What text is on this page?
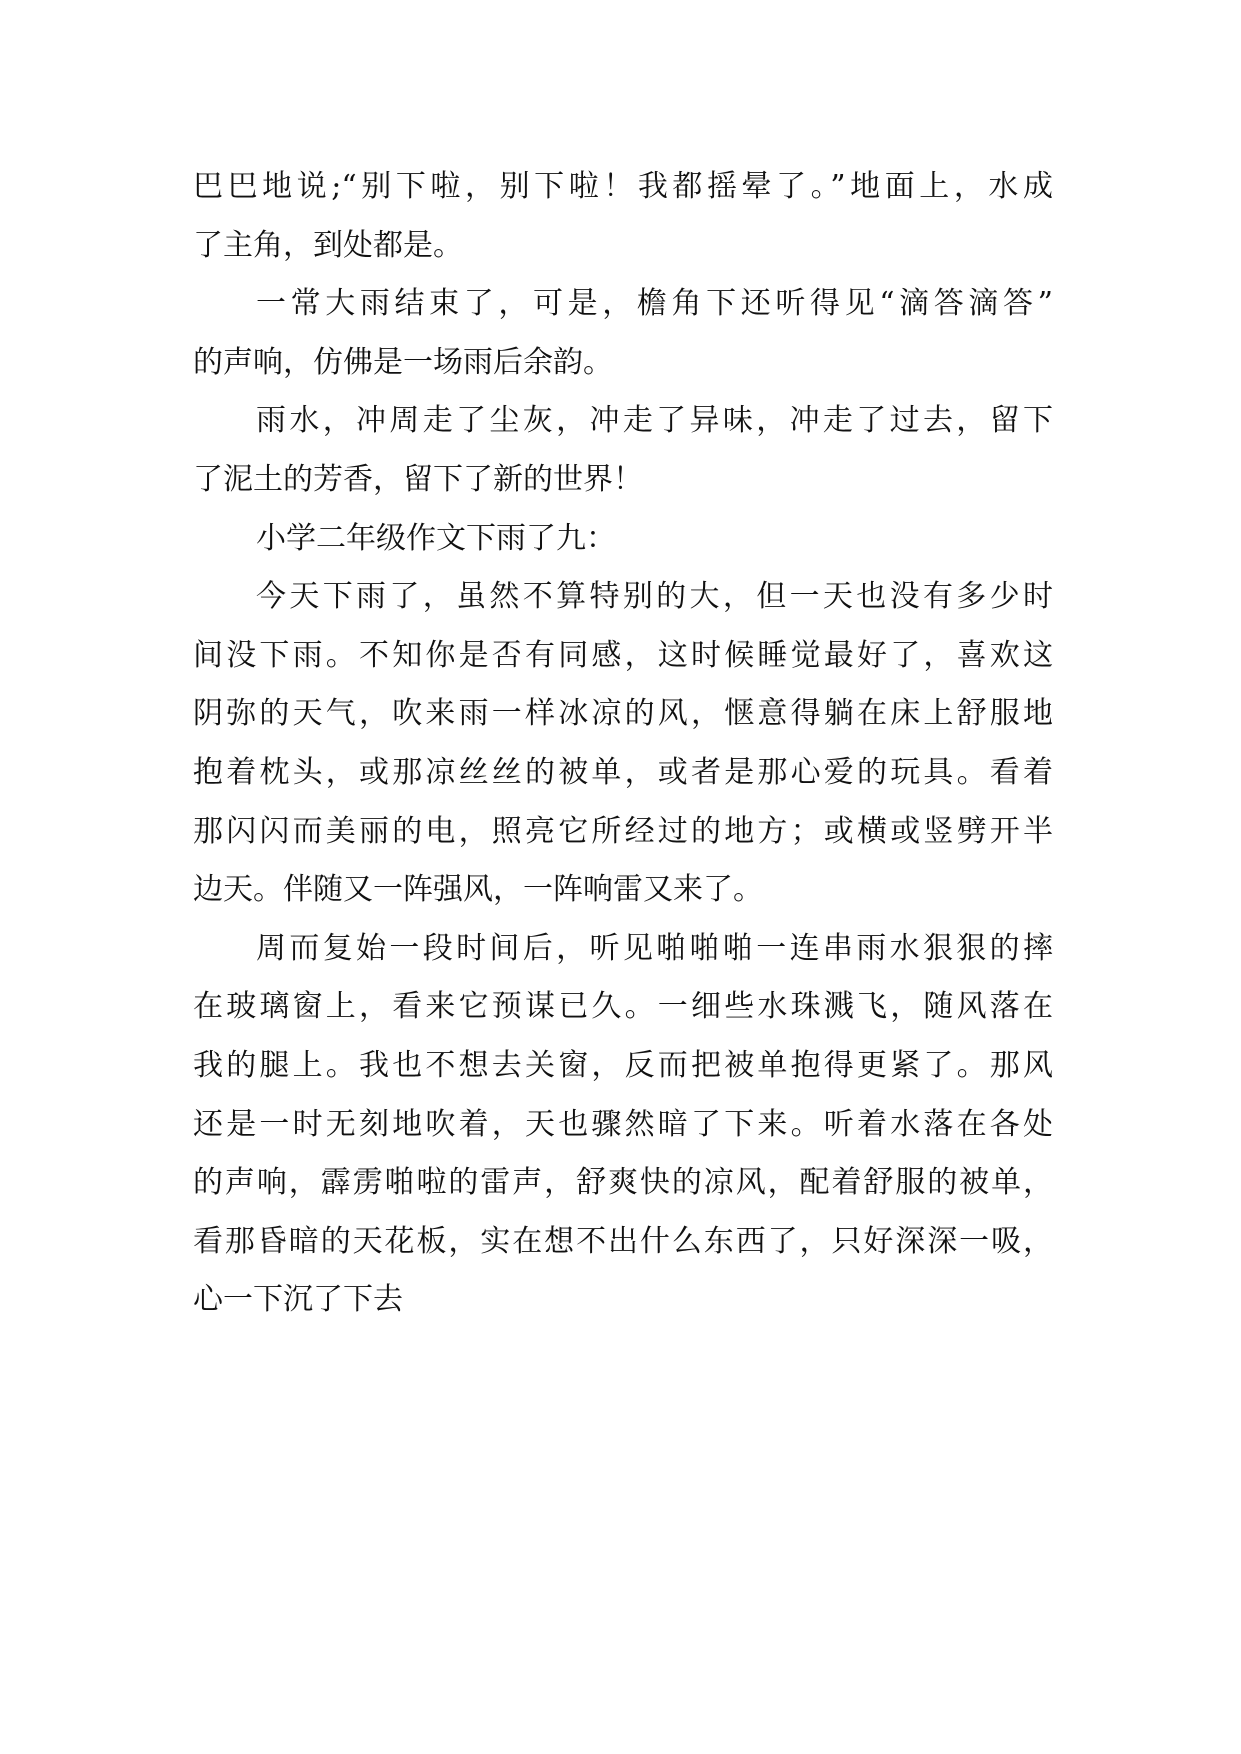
巴巴地说;“别下啦，别下啦！我都摇晕了。”地面上，水成
了主角，到处都是。
一常大雨结束了，可是，檐角下还听得见“滴答滴答”
的声响，仿佛是一场雨后余韵。
雨水，冲周走了尘灰，冲走了异味，冲走了过去，留下
了泥土的芳香，留下了新的世界！
小学二年级作文下雨了九：
今天下雨了，虽然不算特别的大，但一天也没有多少时
间没下雨。不知你是否有同感，这时候睡觉最好了，喜欢这
阴弥的天气，吹来雨一样冰凉的风，惬意得躺在床上舒服地
抱着枕头，或那凉丝丝的被单，或者是那心爱的玩具。看着
那闪闪而美丽的电，照亮它所经过的地方；或横或竖劈开半
边天。伴随又一阵强风，一阵响雷又来了。
周而复始一段时间后，听见啪啪啪一连串雨水狠狠的摔
在玻璃窗上，看来它预谋已久。一细些水珠溅飞，随风落在
我的腿上。我也不想去关窗，反而把被单抱得更紧了。那风
还是一时无刻地吹着，天也骤然暗了下来。听着水落在各处
的声响，霹雳啪啦的雷声，舒爽快的凉风，配着舒服的被单，
看那昏暗的天花板，实在想不出什么东西了，只好深深一吸，
心一下沉了下去
